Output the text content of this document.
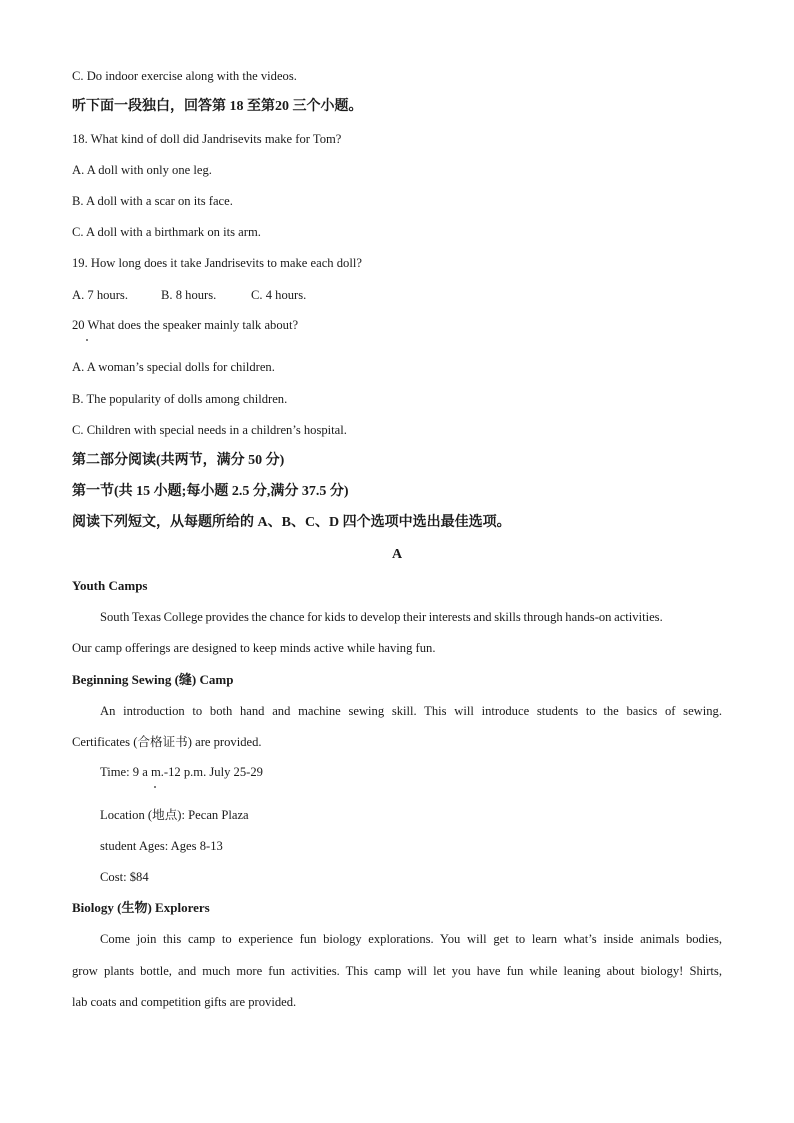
C. Do indoor exercise along with the videos.
听下面一段独白，回答第 18 至第20 三个小题。
18. What kind of doll did Jandrisevits make for Tom?
A. A doll with only one leg.
B. A doll with a scar on its face.
C. A doll with a birthmark on its arm.
19. How long does it take Jandrisevits to make each doll?
A. 7 hours.	B. 8 hours.	C. 4 hours.
20 What does the speaker mainly talk about?
A. A woman’s special dolls for children.
B. The popularity of dolls among children.
C. Children with special needs in a children’s hospital.
第二部分阅读(共两节，满分 50 分)
第一节(共 15 小题;每小题 2.5 分,满分 37.5 分)
阅读下列短文，从每题所给的 A、B、C、D 四个选项中选出最佳选项。
A
Youth Camps
South Texas College provides the chance for kids to develop their interests and skills through hands-on activities.
Our camp offerings are designed to keep minds active while having fun.
Beginning Sewing (缝) Camp
An introduction to both hand and machine sewing skill. This will introduce students to the basics of sewing.
Certificates (合格证书) are provided.
Time: 9 a m.-12 p.m. July 25-29
Location (地点): Pecan Plaza
student Ages: Ages 8-13
Cost: $84
Biology (生物) Explorers
Come join this camp to experience fun biology explorations. You will get to learn what’s inside animals bodies,
grow plants bottle, and much more fun activities. This camp will let you have fun while leaning about biology! Shirts,
lab coats and competition gifts are provided.
